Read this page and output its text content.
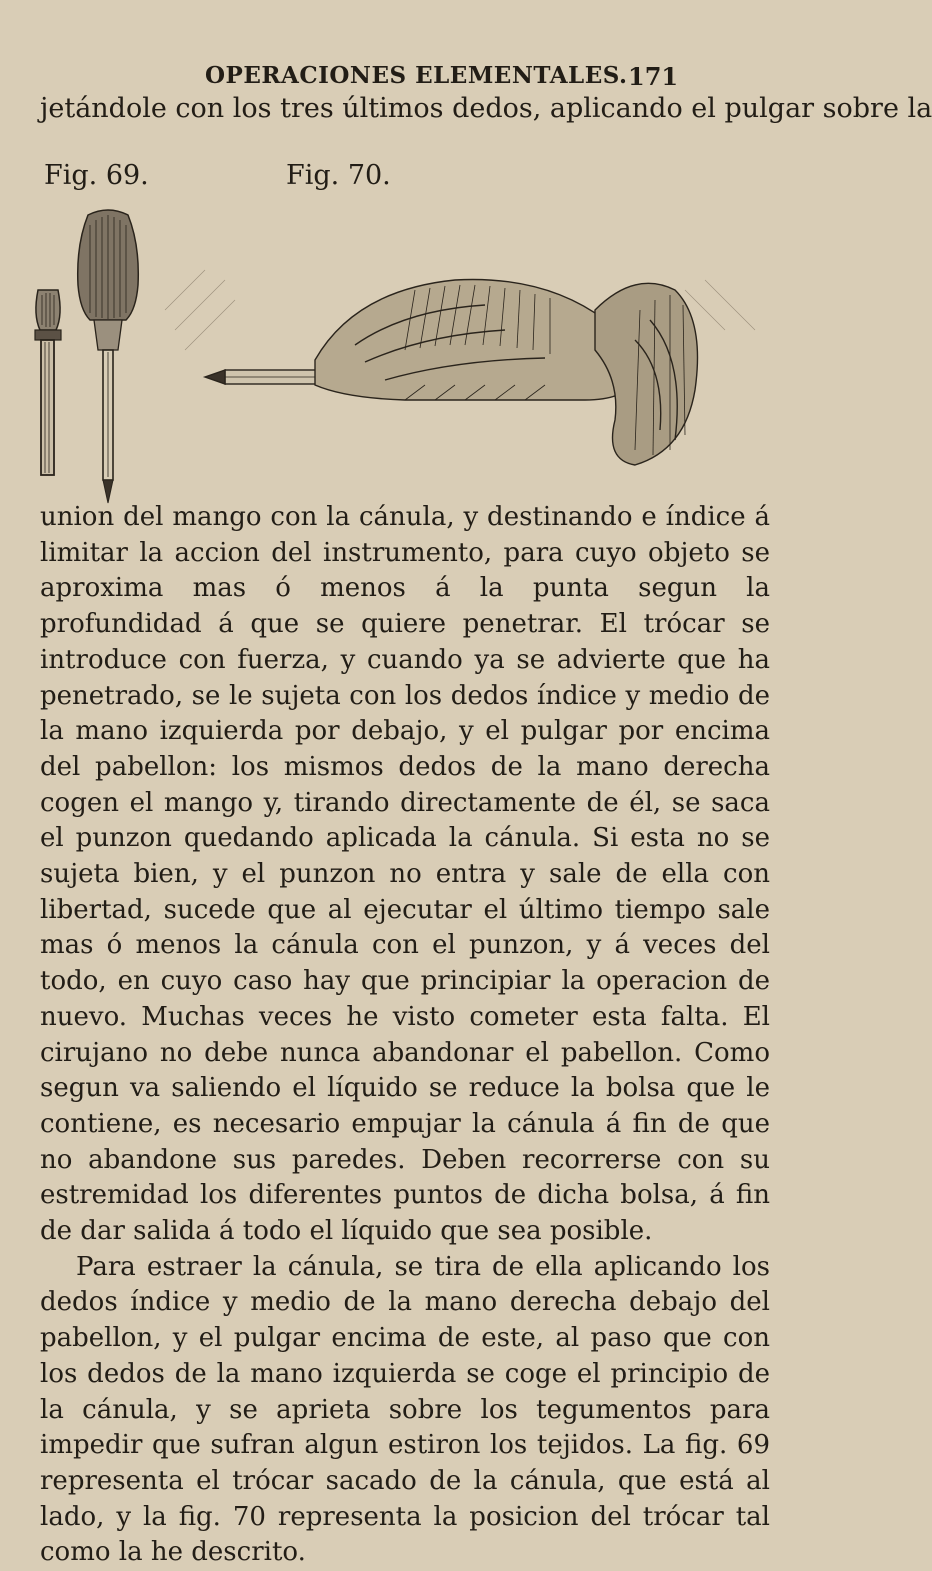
OPERACIONES ELEMENTALES. 171
jetándole con los tres últimos dedos, aplicando el pulgar sobre la
Fig. 69.	Fig. 70.

union del mango con la cánula, y destinando e índice á limitar la accion del instrumento, para cuyo objeto se aproxima mas ó menos á la punta segun la profundidad á que se quiere penetrar. El trócar se introduce con fuerza, y cuando ya se advierte que ha penetrado, se le sujeta con los dedos índice y medio de la mano izquierda por debajo, y el pulgar por encima del pabellon: los mismos dedos de la mano derecha cogen el mango y, tirando directamente de él, se saca el punzon quedando aplicada la cánula. Si esta no se sujeta bien, y el punzon no entra y sale de ella con libertad, sucede que al ejecutar el último tiempo sale mas ó menos la cánula con el punzon, y á veces del todo, en cuyo caso hay que principiar la operacion de nuevo. Muchas veces he visto cometer esta falta. El cirujano no debe nunca abandonar el pabellon. Como segun va saliendo el líquido se reduce la bolsa que le contiene, es necesario empujar la cánula á fin de que no abandone sus paredes. Deben recorrerse con su estremidad los diferentes puntos de dicha bolsa, á fin de dar salida á todo el líquido que sea posible.

Para estraer la cánula, se tira de ella aplicando los dedos índice y medio de la mano derecha debajo del pabellon, y el pulgar encima de este, al paso que con los dedos de la mano izquierda se coge el principio de la cánula, y se aprieta sobre los tegumentos para impedir que sufran algun estiron los tejidos. La fig. 69 representa el trócar sacado de la cánula, que está al lado, y la fig. 70 representa la posicion del trócar tal como la he descrito.
